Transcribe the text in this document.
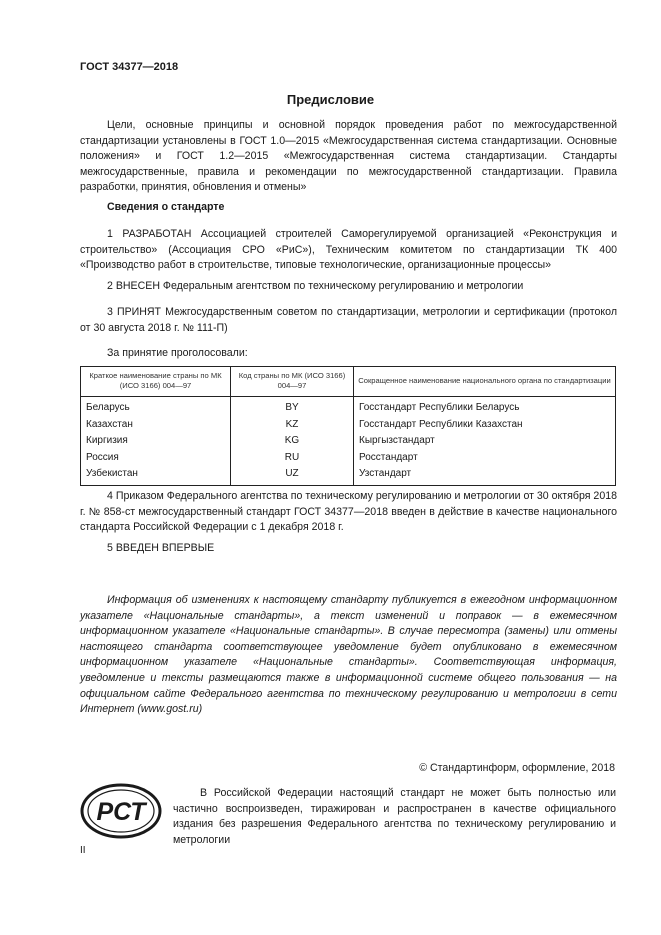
ГОСТ 34377—2018
Предисловие

Цели, основные принципы и основной порядок проведения работ по межгосударственной стандартизации установлены в ГОСТ 1.0—2015 «Межгосударственная система стандартизации. Основные положения» и ГОСТ 1.2—2015 «Межгосударственная система стандартизации. Стандарты межгосударственные, правила и рекомендации по межгосударственной стандартизации. Правила разработки, принятия, обновления и отмены»

Сведения о стандарте

1 РАЗРАБОТАН Ассоциацией строителей Саморегулируемой организацией «Реконструкция и строительство» (Ассоциация СРО «РиС»), Техническим комитетом по стандартизации ТК 400 «Производство работ в строительстве, типовые технологические, организационные процессы»

2 ВНЕСЕН Федеральным агентством по техническому регулированию и метрологии

3 ПРИНЯТ Межгосударственным советом по стандартизации, метрологии и сертификации (протокол от 30 августа 2018 г. № 111-П)

За принятие проголосовали:

Краткое наименование страны по МК (ИСО 3166) 004—97	Код страны по МК (ИСО 3166) 004—97	Сокращенное наименование национального органа по стандартизации
Беларусь	BY	Госстандарт Республики Беларусь
Казахстан	KZ	Госстандарт Республики Казахстан
Киргизия	KG	Кыргызстандарт
Россия	RU	Росстандарт
Узбекистан	UZ	Узстандарт

4 Приказом Федерального агентства по техническому регулированию и метрологии от 30 октября 2018 г. № 858-ст межгосударственный стандарт ГОСТ 34377—2018 введен в действие в качестве национального стандарта Российской Федерации с 1 декабря 2018 г.

5 ВВЕДЕН ВПЕРВЫЕ

Информация об изменениях к настоящему стандарту публикуется в ежегодном информационном указателе «Национальные стандарты», а текст изменений и поправок — в ежемесячном информационном указателе «Национальные стандарты». В случае пересмотра (замены) или отмены настоящего стандарта соответствующее уведомление будет опубликовано в ежемесячном информационном указателе «Национальные стандарты». Соответствующая информация, уведомление и тексты размещаются также в информационной системе общего пользования — на официальном сайте Федерального агентства по техническому регулированию и метрологии в сети Интернет (www.gost.ru)

© Стандартинформ, оформление, 2018
РСТ

В Российской Федерации настоящий стандарт не может быть полностью или частично воспроизведен, тиражирован и распространен в качестве официального издания без разрешения Федерального агентства по техническому регулированию и метрологии

II
